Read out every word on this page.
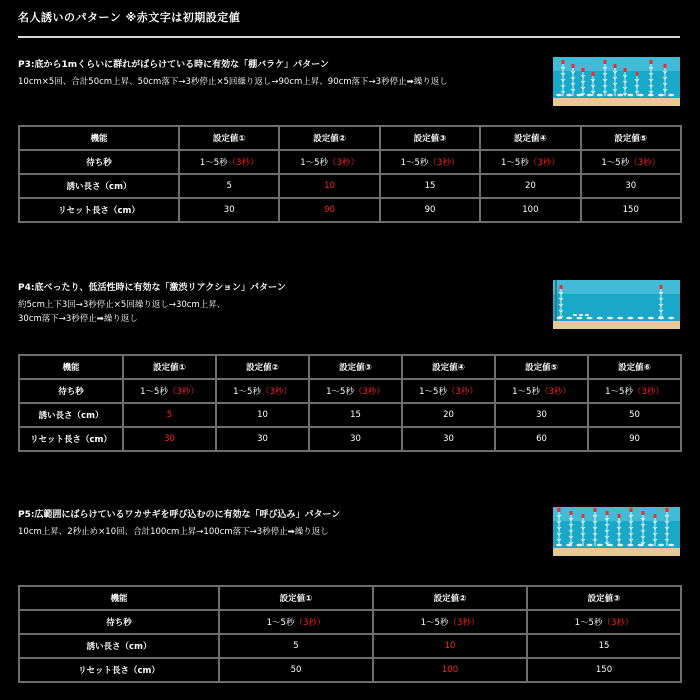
名人誘いのパターン ※赤文字は初期設定値
P3:底から1mくらいに群れがばらけている時に有効な「棚バラケ」パターン
10cm×5回、合計50cm上昇、50cm落下→3秒停止×5回繰り返し→90cm上昇、90cm落下→3秒停止➡繰り返し
機能	設定値①	設定値②	設定値③	設定値④	設定値⑤
待ち秒	1〜5秒（3秒）	1〜5秒（3秒）	1〜5秒（3秒）	1〜5秒（3秒）	1〜5秒（3秒）
誘い長さ（cm）	5	10	15	20	30
リセット長さ（cm）	30	90	90	100	150
P4:底べったり、低活性時に有効な「激渋リアクション」パターン
約5cm上下3回→3秒停止×5回繰り返し→30cm上昇、
30cm落下→3秒停止➡繰り返し
機能	設定値①	設定値②	設定値③	設定値④	設定値⑤	設定値⑥
待ち秒	1〜5秒（3秒）	1〜5秒（3秒）	1〜5秒（3秒）	1〜5秒（3秒）	1〜5秒（3秒）	1〜5秒（3秒）
誘い長さ（cm）	5	10	15	20	30	50
リセット長さ（cm）	30	30	30	30	60	90
P5:広範囲にばらけているワカサギを呼び込むのに有効な「呼び込み」パターン
10cm上昇、2秒止め×10回、合計100cm上昇→100cm落下→3秒停止➡繰り返し
機能	設定値①	設定値②	設定値③
待ち秒	1〜5秒（3秒）	1〜5秒（3秒）	1〜5秒（3秒）
誘い長さ（cm）	5	10	15
リセット長さ（cm）	50	100	150
